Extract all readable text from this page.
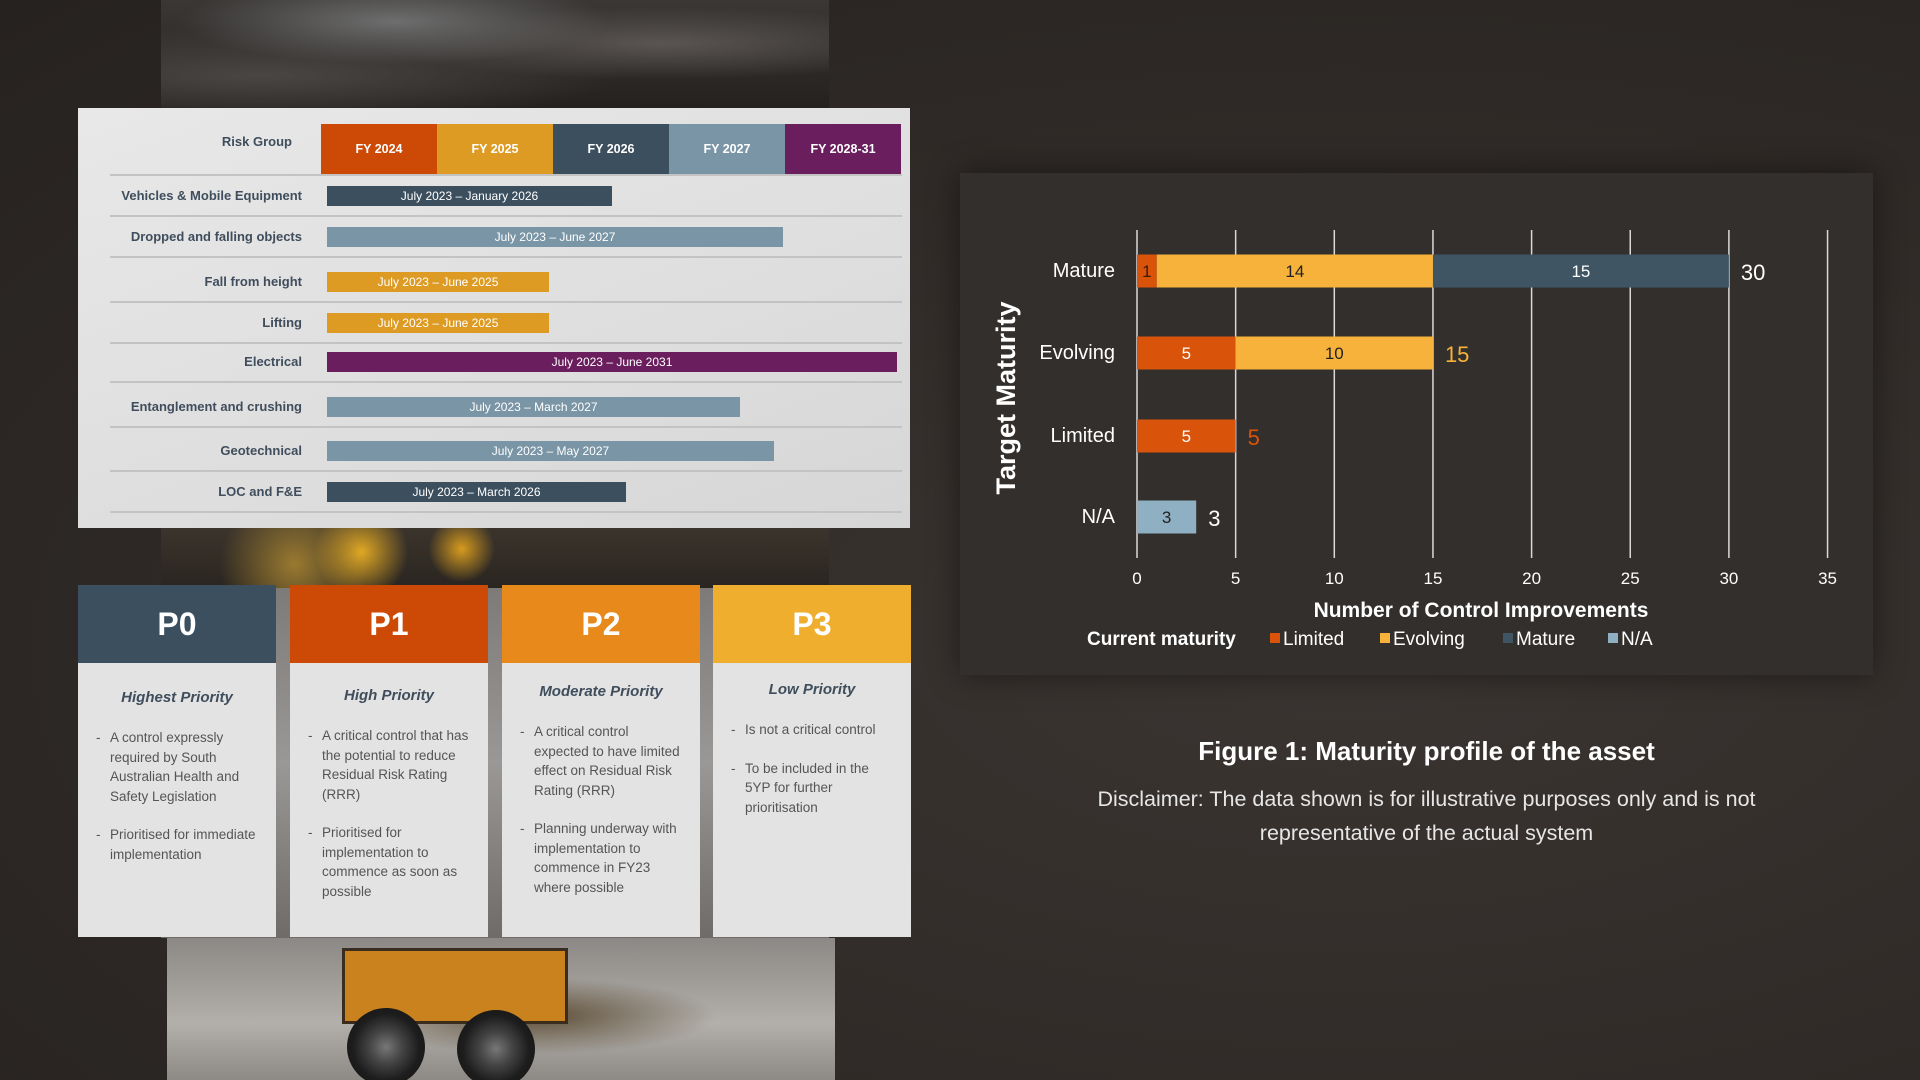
Risk Group	FY 2024	FY 2025	FY 2026	FY 2027	FY 2028-31
Vehicles & Mobile Equipment	July 2023 – January 2026
Dropped and falling objects	July 2023 – June 2027
Fall from height	July 2023 – June 2025
Lifting	July 2023 – June 2025
Electrical	July 2023 – June 2031
Entanglement and crushing	July 2023 – March 2027
Geotechnical	July 2023 – May 2027
LOC and F&E	July 2023 – March 2026
P0
Highest Priority
- A control expressly required by South Australian Health and Safety Legislation
- Prioritised for immediate implementation
P1
High Priority
- A critical control that has the potential to reduce Residual Risk Rating (RRR)
- Prioritised for implementation to commence as soon as possible
P2
Moderate Priority
- A critical control expected to have limited effect on Residual Risk Rating (RRR)
- Planning underway with implementation to commence in FY23 where possible
P3
Low Priority
- Is not a critical control
- To be included in the 5YP for further prioritisation
0	5	10	15	20	25	30	35
Mature
Evolving
Limited
N/A
1	14	15	30
5	10	15
5	5
3 3
Number of Control Improvements
Target Maturity
Current maturity Limited	Evolving	Mature N/A
Figure 1: Maturity profile of the asset
Disclaimer: The data shown is for illustrative purposes only and is not representative of the actual system
